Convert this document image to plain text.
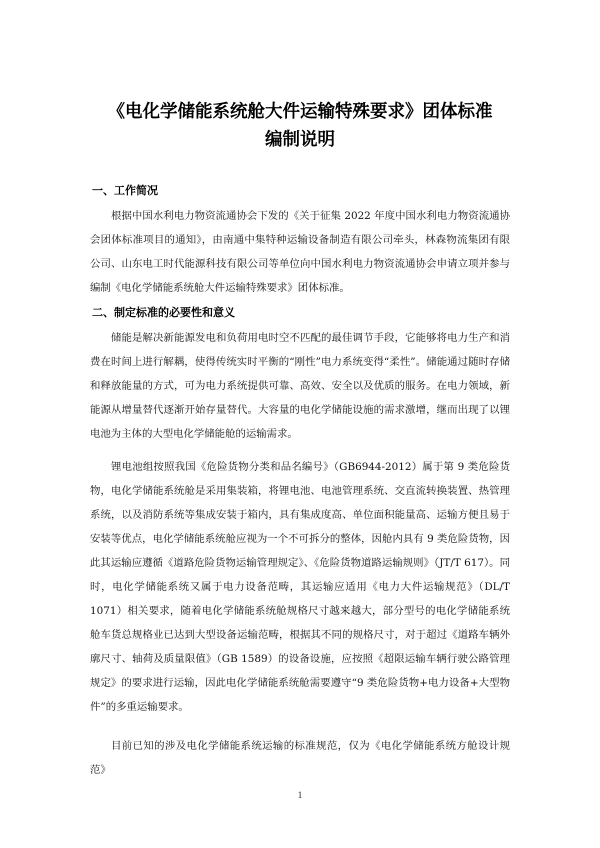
《电化学储能系统舱大件运输特殊要求》团体标准
编制说明
一、工作简况

根据中国水利电力物资流通协会下发的《关于征集 2022 年度中国水利电力物资流通协会团体标准项目的通知》，由南通中集特种运输设备制造有限公司牵头，林森物流集团有限公司、山东电工时代能源科技有限公司等单位向中国水利电力物资流通协会申请立项并参与编制《电化学储能系统舱大件运输特殊要求》团体标准。

二、制定标准的必要性和意义

储能是解决新能源发电和负荷用电时空不匹配的最佳调节手段，它能够将电力生产和消费在时间上进行解耦，使得传统实时平衡的“刚性”电力系统变得“柔性”。储能通过随时存储和释放能量的方式，可为电力系统提供可靠、高效、安全以及优质的服务。在电力领域，新能源从增量替代逐渐开始存量替代。大容量的电化学储能设施的需求激增，继而出现了以锂电池为主体的大型电化学储能舱的运输需求。

锂电池组按照我国《危险货物分类和品名编号》（GB6944-2012）属于第 9 类危险货物，电化学储能系统舱是采用集装箱，将锂电池、电池管理系统、交直流转换装置、热管理系统，以及消防系统等集成安装于箱内，具有集成度高、单位面积能量高、运输方便且易于安装等优点，电化学储能系统舱应视为一个不可拆分的整体，因舱内具有 9 类危险货物，因此其运输应遵循《道路危险货物运输管理规定》、《危险货物道路运输规则》（JT/T 617）。同时，电化学储能系统又属于电力设备范畴，其运输应适用《电力大件运输规范》（DL/T 1071）相关要求，随着电化学储能系统舱规格尺寸越来越大，部分型号的电化学储能系统舱车货总规格业已达到大型设备运输范畴，根据其不同的规格尺寸，对于超过《道路车辆外廓尺寸、轴荷及质量限值》（GB 1589）的设备设施，应按照《超限运输车辆行驶公路管理规定》的要求进行运输，因此电化学储能系统舱需要遵守“9 类危险货物+电力设备+大型物件”的多重运输要求。

目前已知的涉及电化学储能系统运输的标准规范，仅为《电化学储能系统方舱设计规范》

1
